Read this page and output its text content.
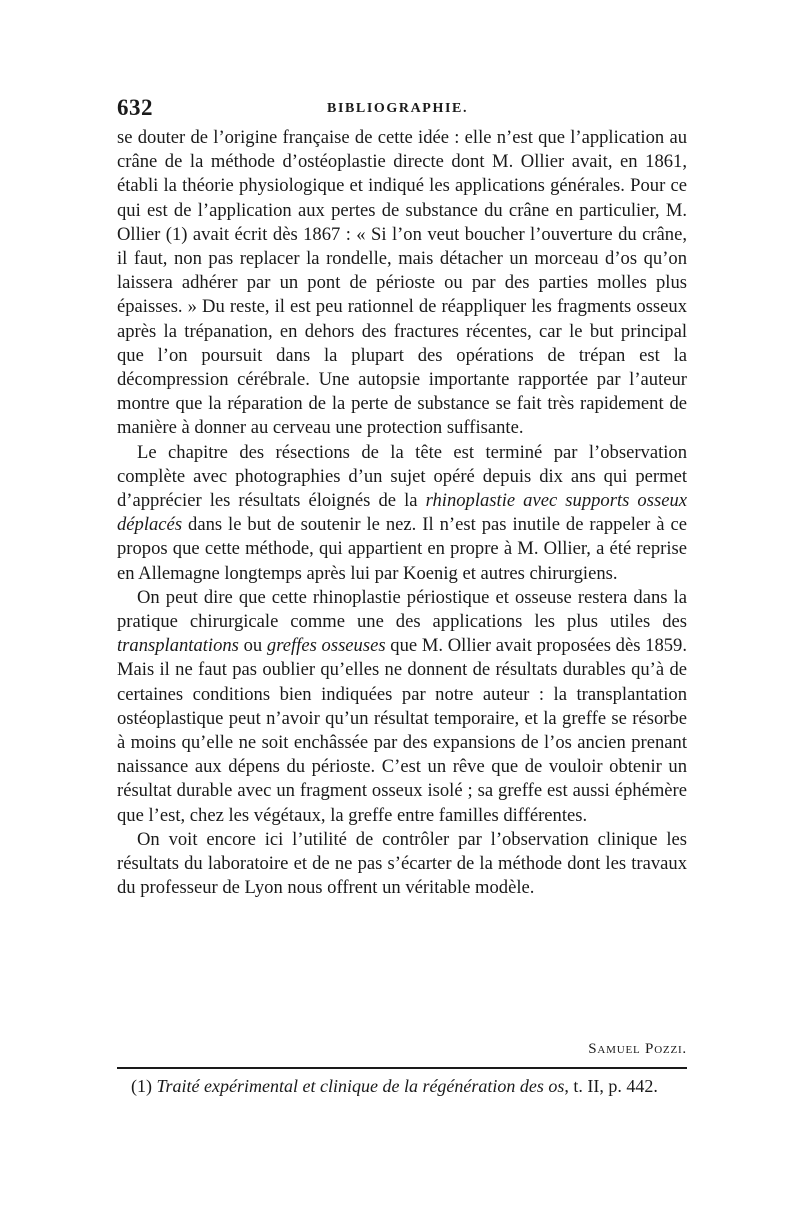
632	BIBLIOGRAPHIE.

se douter de l’origine française de cette idée : elle n’est que l’application au crâne de la méthode d’ostéoplastie directe dont M. Ollier avait, en 1861, établi la théorie physiologique et indiqué les applications générales. Pour ce qui est de l’application aux pertes de substance du crâne en particulier, M. Ollier (1) avait écrit dès 1867 : « Si l’on veut boucher l’ouverture du crâne, il faut, non pas replacer la rondelle, mais détacher un morceau d’os qu’on laissera adhérer par un pont de périoste ou par des parties molles plus épaisses. » Du reste, il est peu rationnel de réappliquer les fragments osseux après la trépanation, en dehors des fractures récentes, car le but principal que l’on poursuit dans la plupart des opérations de trépan est la décompression cérébrale. Une autopsie importante rapportée par l’auteur montre que la réparation de la perte de substance se fait très rapidement de manière à donner au cerveau une protection suffisante.

Le chapitre des résections de la tête est terminé par l’observation complète avec photographies d’un sujet opéré depuis dix ans qui permet d’apprécier les résultats éloignés de la rhinoplastie avec supports osseux déplacés dans le but de soutenir le nez. Il n’est pas inutile de rappeler à ce propos que cette méthode, qui appartient en propre à M. Ollier, a été reprise en Allemagne longtemps après lui par Koenig et autres chirurgiens.

On peut dire que cette rhinoplastie périostique et osseuse restera dans la pratique chirurgicale comme une des applications les plus utiles des transplantations ou greffes osseuses que M. Ollier avait proposées dès 1859. Mais il ne faut pas oublier qu’elles ne donnent de résultats durables qu’à de certaines conditions bien indiquées par notre auteur : la transplantation ostéoplastique peut n’avoir qu’un résultat temporaire, et la greffe se résorbe à moins qu’elle ne soit enchâssée par des expansions de l’os ancien prenant naissance aux dépens du périoste. C’est un rêve que de vouloir obtenir un résultat durable avec un fragment osseux isolé ; sa greffe est aussi éphémère que l’est, chez les végétaux, la greffe entre familles différentes.

On voit encore ici l’utilité de contrôler par l’observation clinique les résultats du laboratoire et de ne pas s’écarter de la méthode dont les travaux du professeur de Lyon nous offrent un véritable modèle.

Samuel Pozzi.
(1) Traité expérimental et clinique de la régénération des os, t. II, p. 442.
